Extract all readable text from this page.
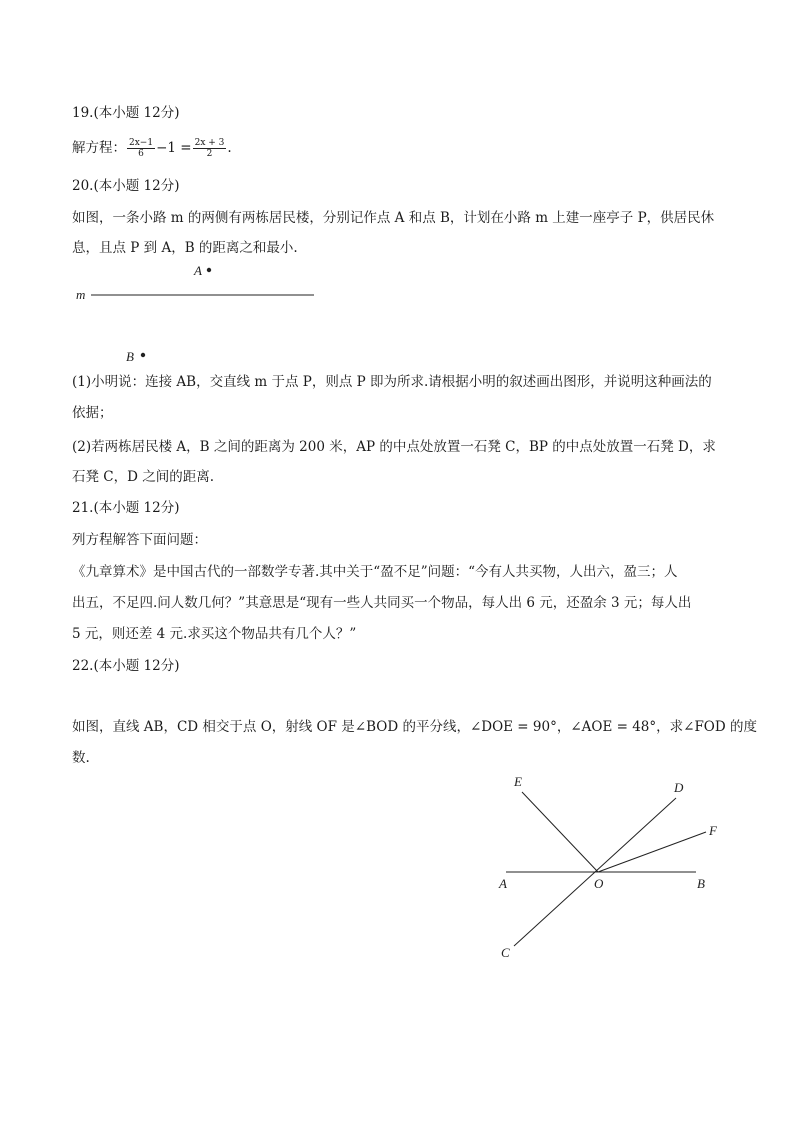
19.(本小题 12分)
解方程： $\frac{2x-1}{6} -1 = \frac{2x + 3}{2}$ .
20.(本小题 12分)
如图，一条小路 m 的两侧有两栋居民楼，分别记作点 A 和点 B，计划在小路 m 上建一座亭子 P，供居民休
息，且点 P 到 A，B 的距离之和最小.
A
m
B
(1)小明说：连接 AB，交直线 m 于点 P，则点 P 即为所求.请根据小明的叙述画出图形，并说明这种画法的
依据；
(2)若两栋居民楼 A，B 之间的距离为 200 米，AP 的中点处放置一石凳 C，BP 的中点处放置一石凳 D，求
石凳 C，D 之间的距离.
21.(本小题 12分)
列方程解答下面问题：
《九章算术》是中国古代的一部数学专著.其中关于“盈不足”问题：“今有人共买物，人出六，盈三；人
出五，不足四.问人数几何？”其意思是“现有一些人共同买一个物品，每人出 6 元，还盈余 3 元；每人出
5 元，则还差 4 元.求买这个物品共有几个人？”
22.(本小题 12分)
如图，直线 AB，CD 相交于点 O，射线 OF 是∠BOD 的平分线，∠DOE = 90°，∠AOE = 48°，求∠FOD 的度
数.
E	D
F
A	O	B
C
